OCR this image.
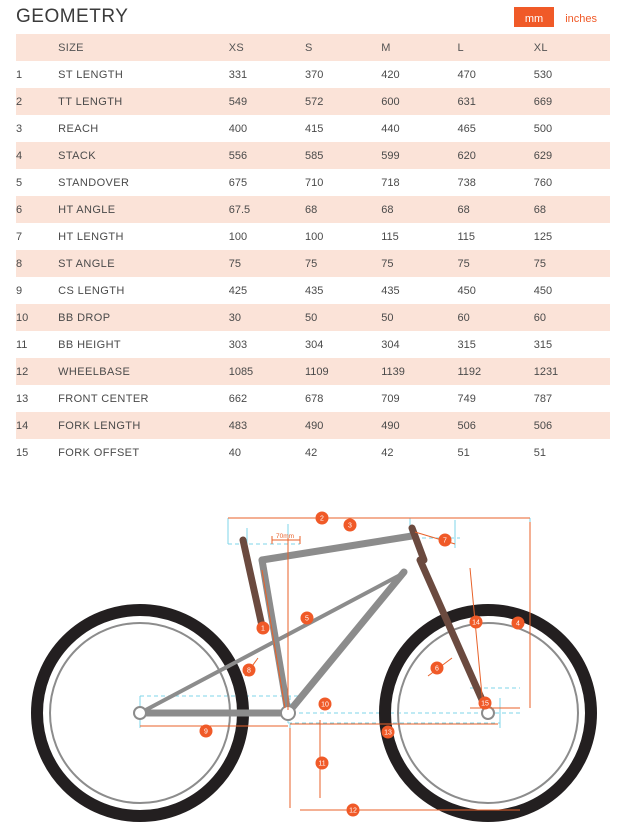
GEOMETRY	mm	inches
	SIZE	XS	S	M	L	XL
1	ST LENGTH	331	370	420	470	530
2	TT LENGTH	549	572	600	631	669
3	REACH	400	415	440	465	500
4	STACK	556	585	599	620	629
5	STANDOVER	675	710	718	738	760
6	HT ANGLE	67.5	68	68	68	68
7	HT LENGTH	100	100	115	115	125
8	ST ANGLE	75	75	75	75	75
9	CS LENGTH	425	435	435	450	450
10	BB DROP	30	50	50	60	60
11	BB HEIGHT	303	304	304	315	315
12	WHEELBASE	1085	1109	1139	1192	1231
13	FRONT CENTER	662	678	709	749	787
14	FORK LENGTH	483	490	490	506	506
15	FORK OFFSET	40	42	42	51	51
70mm
1
2
3
4
5
6
7
8
9
10
11
12
13
14
15
